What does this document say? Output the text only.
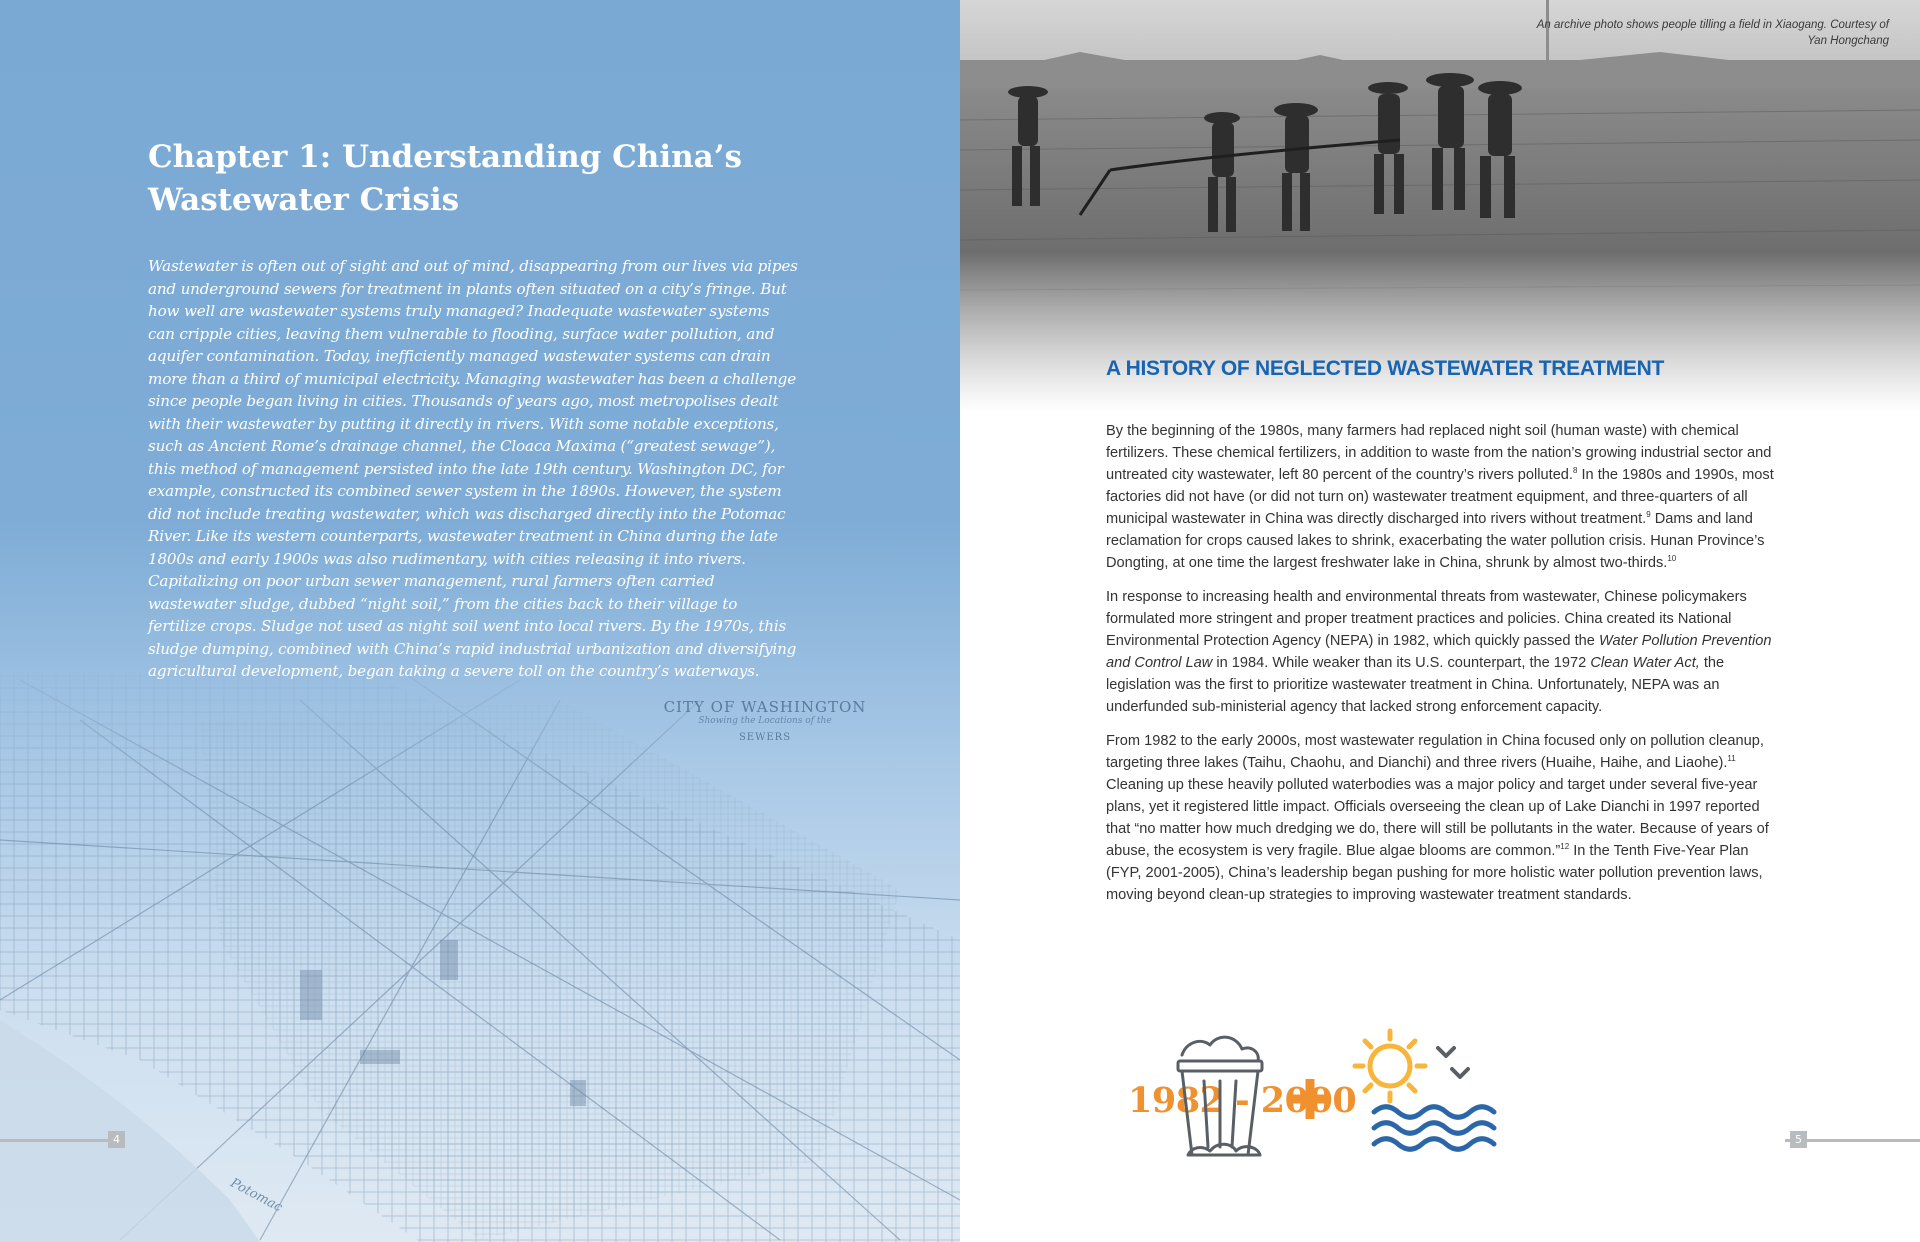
CITY OF WASHINGTON
Showing the Locations of the
SEWERS
Potomac
Chapter 1: Understanding China’s Wastewater Crisis

Wastewater is often out of sight and out of mind, disappearing from our lives via pipes and underground sewers for treatment in plants often situated on a city’s fringe. But how well are wastewater systems truly managed? Inadequate wastewater systems can cripple cities, leaving them vulnerable to flooding, surface water pollution, and aquifer contamination. Today, inefficiently managed wastewater systems can drain more than a third of municipal electricity. Managing wastewater has been a challenge since people began living in cities. Thousands of years ago, most metropolises dealt with their wastewater by putting it directly in rivers. With some notable exceptions, such as Ancient Rome’s drainage channel, the Cloaca Maxima (“greatest sewage”), this method of management persisted into the late 19th century. Washington DC, for example, constructed its combined sewer system in the 1890s. However, the system did not include treating wastewater, which was discharged directly into the Potomac River. Like its western counterparts, wastewater treatment in China during the late 1800s and early 1900s was also rudimentary, with cities releasing it into rivers. Capitalizing on poor urban sewer management, rural farmers often carried wastewater sludge, dubbed “night soil,” from the cities back to their village to fertilize crops. Sludge not used as night soil went into local rivers. By the 1970s, this sludge dumping, combined with China’s rapid industrial urbanization and diversifying agricultural development, began taking a severe toll on the country’s waterways.

4

An archive photo shows people tilling a field in Xiaogang. Courtesy of Yan Hongchang

A HISTORY OF NEGLECTED WASTEWATER TREATMENT

By the beginning of the 1980s, many farmers had replaced night soil (human waste) with chemical fertilizers. These chemical fertilizers, in addition to waste from the nation’s growing industrial sector and untreated city wastewater, left 80 percent of the country’s rivers polluted.$^8$ In the 1980s and 1990s, most factories did not have (or did not turn on) wastewater treatment equipment, and three-quarters of all municipal wastewater in China was directly discharged into rivers without treatment.$^9$ Dams and land reclamation for crops caused lakes to shrink, exacerbating the water pollution crisis. Hunan Province’s Dongting, at one time the largest freshwater lake in China, shrunk by almost two-thirds.$^{10}$

In response to increasing health and environmental threats from wastewater, Chinese policymakers formulated more stringent and proper treatment practices and policies. China created its National Environmental Protection Agency (NEPA) in 1982, which quickly passed the Water Pollution Prevention and Control Law in 1984. While weaker than its U.S. counterpart, the 1972 Clean Water Act, the legislation was the first to prioritize wastewater treatment in China. Unfortunately, NEPA was an underfunded sub-ministerial agency that lacked strong enforcement capacity.

From 1982 to the early 2000s, most wastewater regulation in China focused only on pollution cleanup, targeting three lakes (Taihu, Chaohu, and Dianchi) and three rivers (Huaihe, Haihe, and Liaohe).$^{11}$ Cleaning up these heavily polluted waterbodies was a major policy and target under several five-year plans, yet it registered little impact. Officials overseeing the clean up of Lake Dianchi in 1997 reported that “no matter how much dredging we do, there will still be pollutants in the water. Because of years of abuse, the ecosystem is very fragile. Blue algae blooms are common.”$^{12}$ In the Tenth Five-Year Plan (FYP, 2001-2005), China’s leadership began pushing for more holistic water pollution prevention laws, moving beyond clean-up strategies to improving wastewater treatment standards.

1982 - 2000
5
